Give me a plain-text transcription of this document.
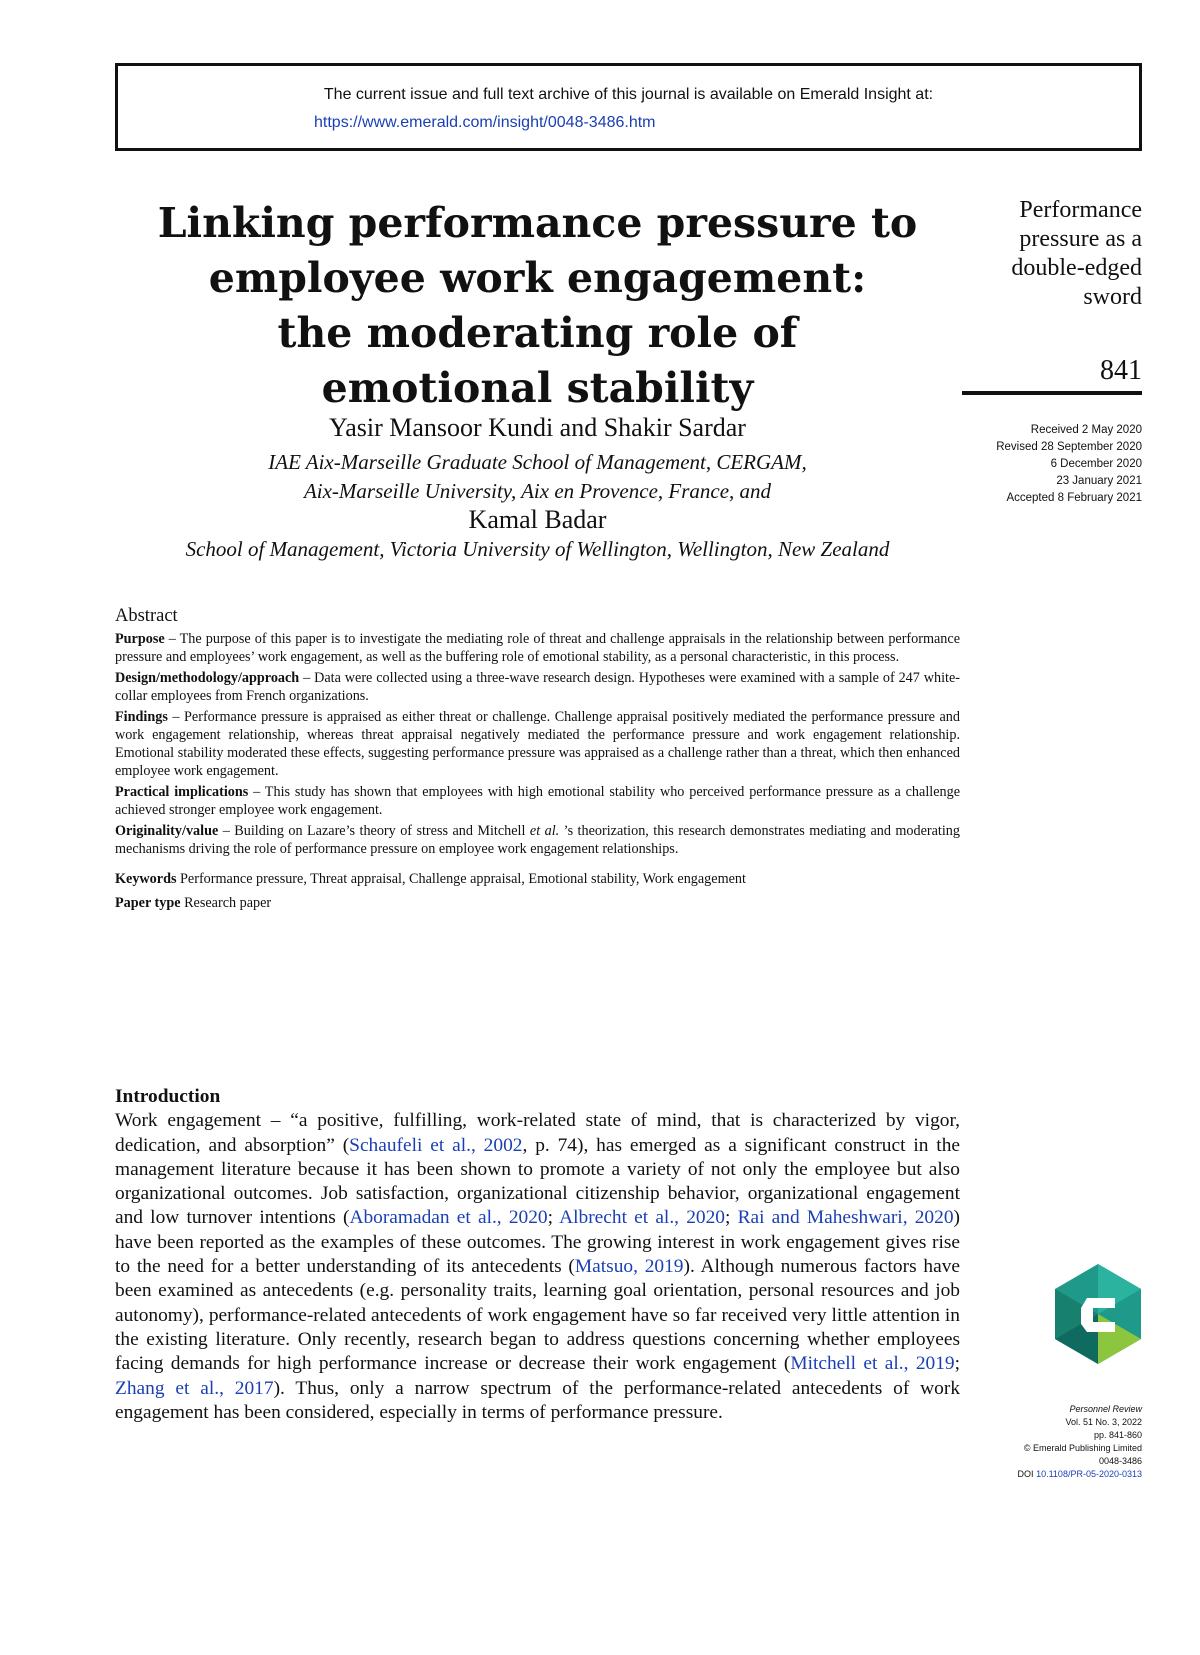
The current issue and full text archive of this journal is available on Emerald Insight at:
https://www.emerald.com/insight/0048-3486.htm
Linking performance pressure to
employee work engagement:
the moderating role of
emotional stability
Performance
pressure as a
double-edged
sword
841
Received 2 May 2020
Revised 28 September 2020
6 December 2020
23 January 2021
Accepted 8 February 2021
Yasir Mansoor Kundi and Shakir Sardar
IAE Aix-Marseille Graduate School of Management, CERGAM,
Aix-Marseille University, Aix en Provence, France, and
Kamal Badar
School of Management, Victoria University of Wellington, Wellington, New Zealand
Abstract

Purpose – The purpose of this paper is to investigate the mediating role of threat and challenge appraisals in the relationship between performance pressure and employees’ work engagement, as well as the buffering role of emotional stability, as a personal characteristic, in this process.

Design/methodology/approach – Data were collected using a three-wave research design. Hypotheses were examined with a sample of 247 white-collar employees from French organizations.

Findings – Performance pressure is appraised as either threat or challenge. Challenge appraisal positively mediated the performance pressure and work engagement relationship, whereas threat appraisal negatively mediated the performance pressure and work engagement relationship. Emotional stability moderated these effects, suggesting performance pressure was appraised as a challenge rather than a threat, which then enhanced employee work engagement.

Practical implications – This study has shown that employees with high emotional stability who perceived performance pressure as a challenge achieved stronger employee work engagement.

Originality/value – Building on Lazare’s theory of stress and Mitchell et al. ’s theorization, this research demonstrates mediating and moderating mechanisms driving the role of performance pressure on employee work engagement relationships.

Keywords Performance pressure, Threat appraisal, Challenge appraisal, Emotional stability, Work engagement

Paper type Research paper

Introduction

Work engagement – “a positive, fulfilling, work-related state of mind, that is characterized by vigor, dedication, and absorption” (Schaufeli et al., 2002, p. 74), has emerged as a significant construct in the management literature because it has been shown to promote a variety of not only the employee but also organizational outcomes. Job satisfaction, organizational citizenship behavior, organizational engagement and low turnover intentions (Aboramadan et al., 2020; Albrecht et al., 2020; Rai and Maheshwari, 2020) have been reported as the examples of these outcomes. The growing interest in work engagement gives rise to the need for a better understanding of its antecedents (Matsuo, 2019). Although numerous factors have been examined as antecedents (e.g. personality traits, learning goal orientation, personal resources and job autonomy), performance-related antecedents of work engagement have so far received very little attention in the existing literature. Only recently, research began to address questions concerning whether employees facing demands for high performance increase or decrease their work engagement (Mitchell et al., 2019; Zhang et al., 2017). Thus, only a narrow spectrum of the performance-related antecedents of work engagement has been considered, especially in terms of performance pressure.	Personnel Review
Vol. 51 No. 3, 2022
pp. 841-860
© Emerald Publishing Limited
0048-3486
DOI 10.1108/PR-05-2020-0313
